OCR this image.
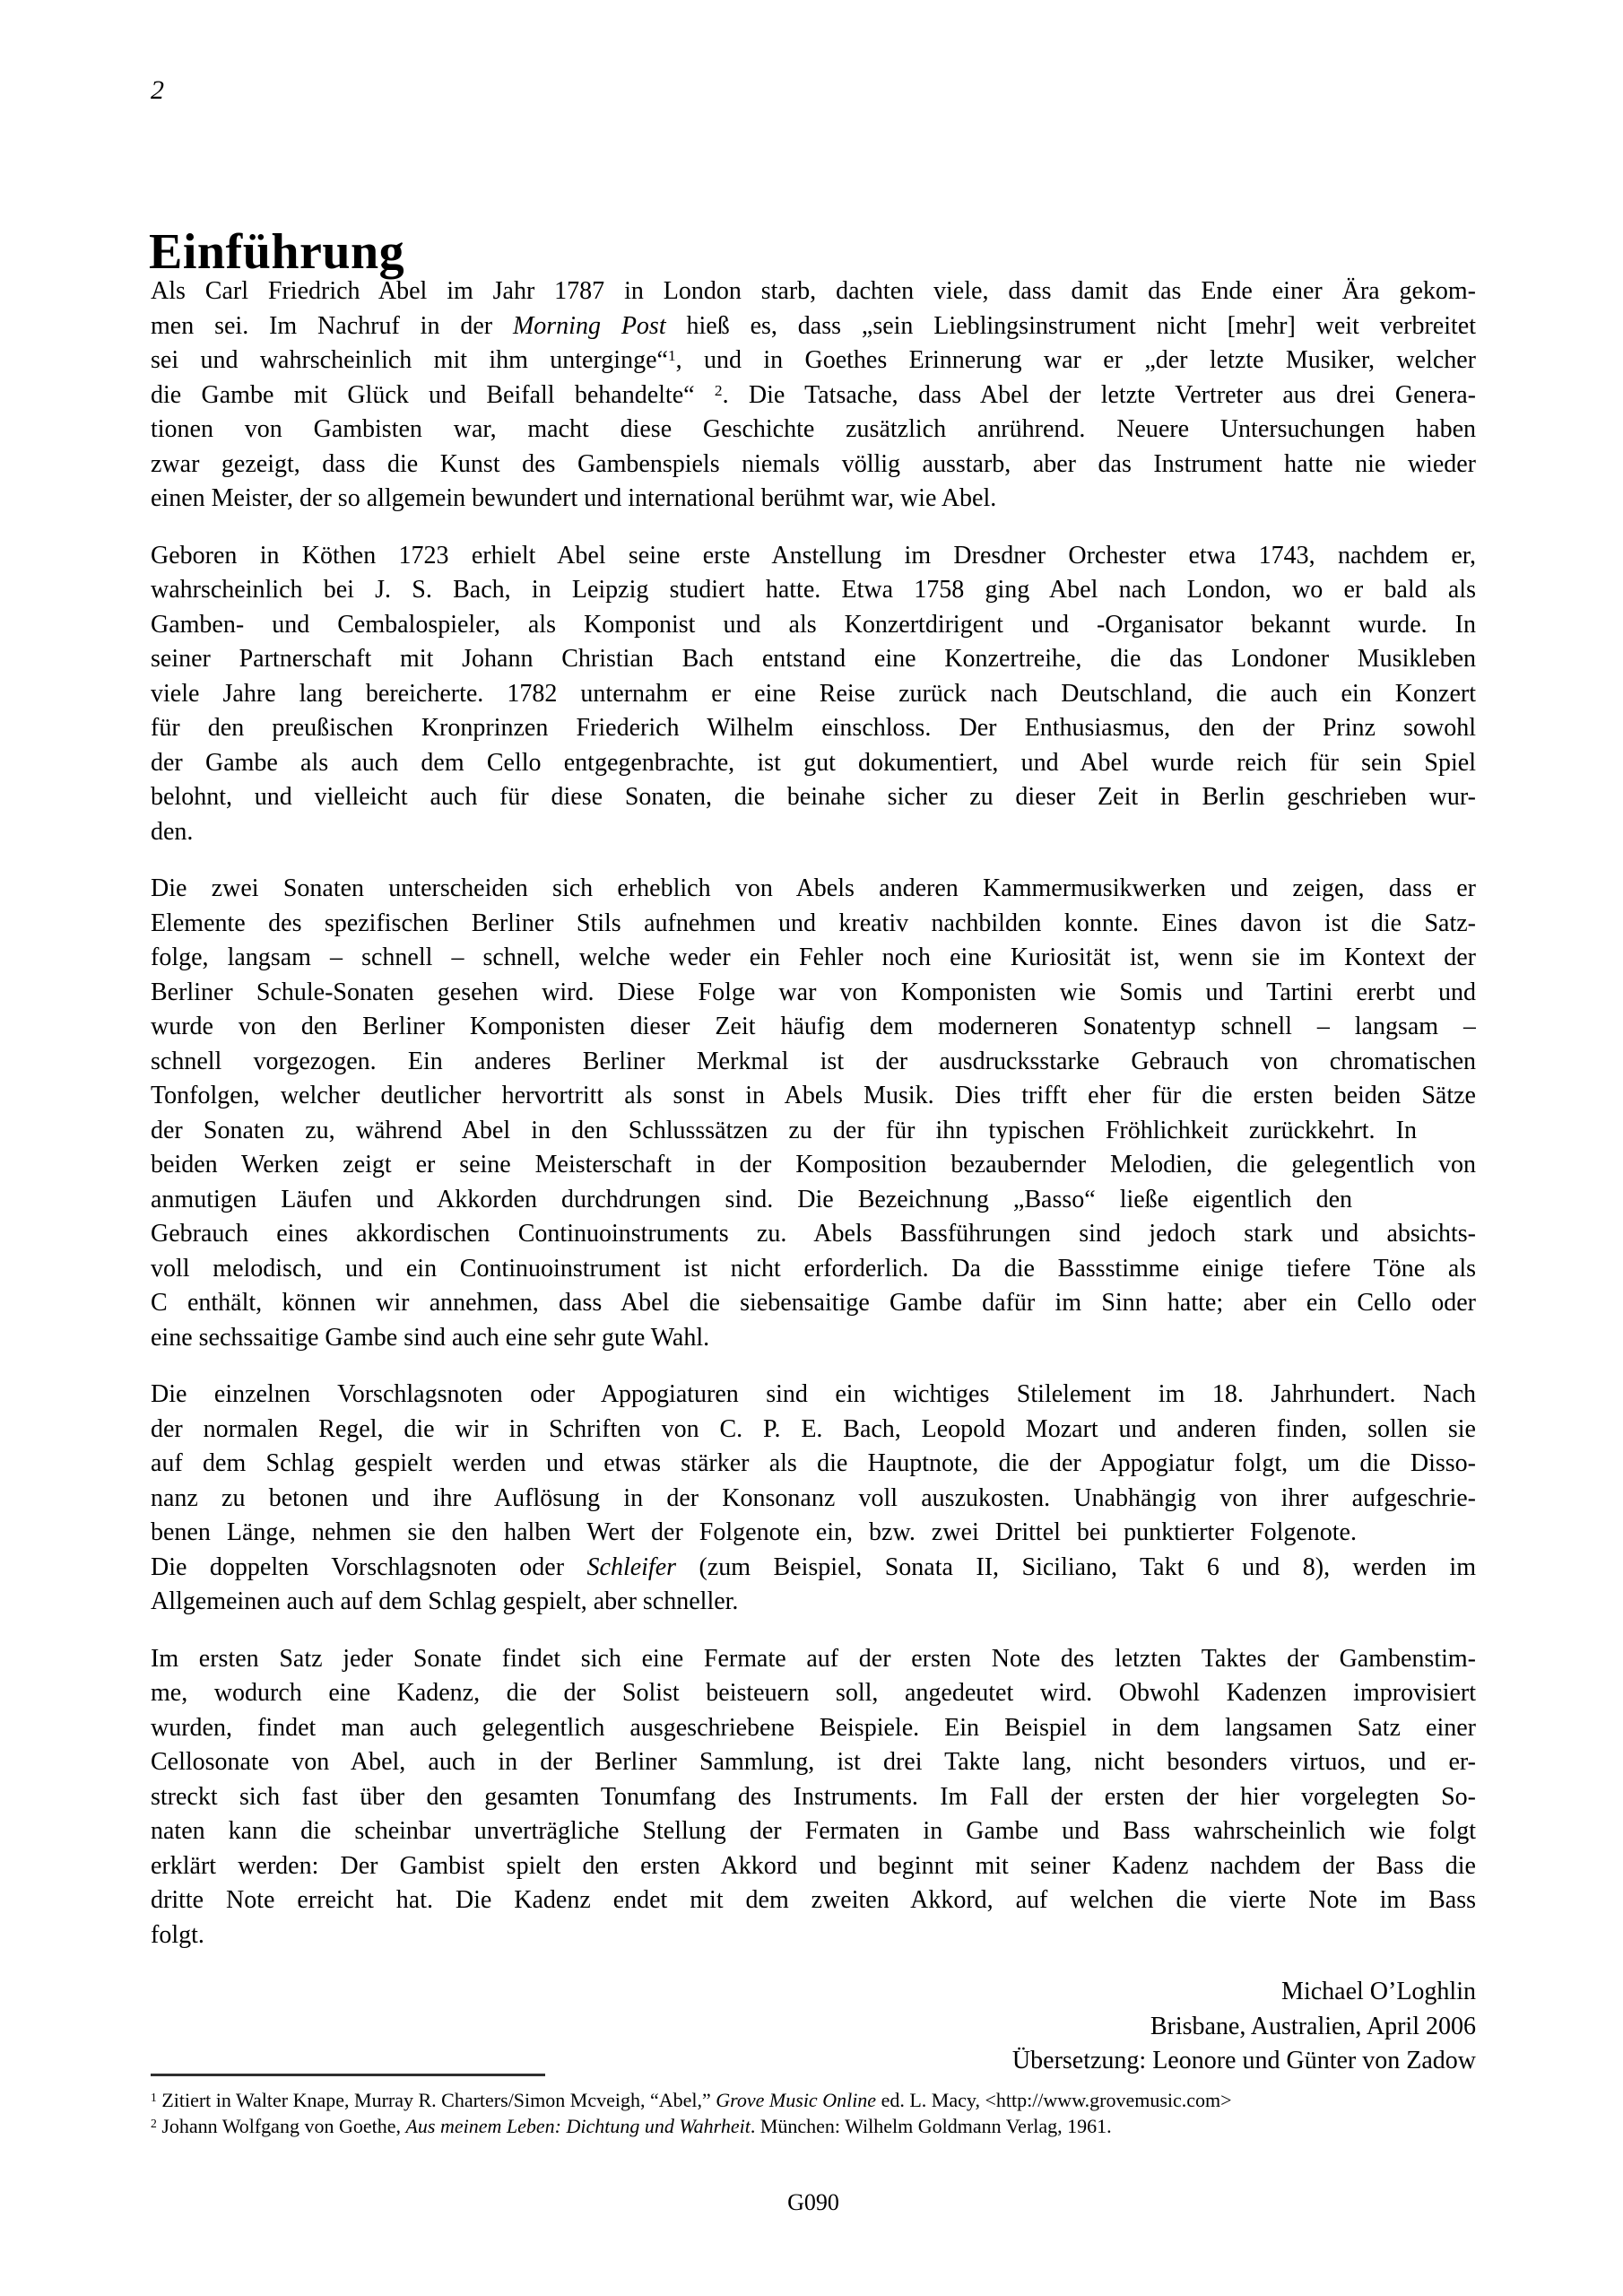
2
Einführung
Als Carl Friedrich Abel im Jahr 1787 in London starb, dachten viele, dass damit das Ende einer Ära gekom-
men sei. Im Nachruf in der Morning Post hieß es, dass „sein Lieblingsinstrument nicht [mehr] weit verbreitet
sei und wahrscheinlich mit ihm unterginge“$^1$, und in Goethes Erinnerung war er „der letzte Musiker, welcher
die Gambe mit Glück und Beifall behandelte“ $^2$. Die Tatsache, dass Abel der letzte Vertreter aus drei Genera-
tionen von Gambisten war, macht diese Geschichte zusätzlich anrührend. Neuere Untersuchungen haben
zwar gezeigt, dass die Kunst des Gambenspiels niemals völlig ausstarb, aber das Instrument hatte nie wieder
einen Meister, der so allgemein bewundert und international berühmt war, wie Abel.
Geboren in Köthen 1723 erhielt Abel seine erste Anstellung im Dresdner Orchester etwa 1743, nachdem er,
wahrscheinlich bei J. S. Bach, in Leipzig studiert hatte. Etwa 1758 ging Abel nach London, wo er bald als
Gamben- und Cembalospieler, als Komponist und als Konzertdirigent und -Organisator bekannt wurde. In
seiner Partnerschaft mit Johann Christian Bach entstand eine Konzertreihe, die das Londoner Musikleben
viele Jahre lang bereicherte. 1782 unternahm er eine Reise zurück nach Deutschland, die auch ein Konzert
für den preußischen Kronprinzen Friederich Wilhelm einschloss. Der Enthusiasmus, den der Prinz sowohl
der Gambe als auch dem Cello entgegenbrachte, ist gut dokumentiert, und Abel wurde reich für sein Spiel
belohnt, und vielleicht auch für diese Sonaten, die beinahe sicher zu dieser Zeit in Berlin geschrieben wur-
den.
Die zwei Sonaten unterscheiden sich erheblich von Abels anderen Kammermusikwerken und zeigen, dass er
Elemente des spezifischen Berliner Stils aufnehmen und kreativ nachbilden konnte. Eines davon ist die Satz-
folge, langsam – schnell – schnell, welche weder ein Fehler noch eine Kuriosität ist, wenn sie im Kontext der
Berliner Schule-Sonaten gesehen wird. Diese Folge war von Komponisten wie Somis und Tartini ererbt und
wurde von den Berliner Komponisten dieser Zeit häufig dem moderneren Sonatentyp schnell – langsam –
schnell vorgezogen. Ein anderes Berliner Merkmal ist der ausdrucksstarke Gebrauch von chromatischen
Tonfolgen, welcher deutlicher hervortritt als sonst in Abels Musik. Dies trifft eher für die ersten beiden Sätze
der Sonaten zu, während Abel in den Schlusssätzen zu der für ihn typischen Fröhlichkeit zurückkehrt. In
beiden Werken zeigt er seine Meisterschaft in der Komposition bezaubernder Melodien, die gelegentlich von
anmutigen Läufen und Akkorden durchdrungen sind. Die Bezeichnung „Basso“ ließe eigentlich den
Gebrauch eines akkordischen Continuoinstruments zu. Abels Bassführungen sind jedoch stark und absichts-
voll melodisch, und ein Continuoinstrument ist nicht erforderlich. Da die Bassstimme einige tiefere Töne als
C enthält, können wir annehmen, dass Abel die siebensaitige Gambe dafür im Sinn hatte; aber ein Cello oder
eine sechssaitige Gambe sind auch eine sehr gute Wahl.
Die einzelnen Vorschlagsnoten oder Appogiaturen sind ein wichtiges Stilelement im 18. Jahrhundert. Nach
der normalen Regel, die wir in Schriften von C. P. E. Bach, Leopold Mozart und anderen finden, sollen sie
auf dem Schlag gespielt werden und etwas stärker als die Hauptnote, die der Appogiatur folgt, um die Disso-
nanz zu betonen und ihre Auflösung in der Konsonanz voll auszukosten. Unabhängig von ihrer aufgeschrie-
benen Länge, nehmen sie den halben Wert der Folgenote ein, bzw. zwei Drittel bei punktierter Folgenote.
Die doppelten Vorschlagsnoten oder Schleifer (zum Beispiel, Sonata II, Siciliano, Takt 6 und 8), werden im
Allgemeinen auch auf dem Schlag gespielt, aber schneller.
Im ersten Satz jeder Sonate findet sich eine Fermate auf der ersten Note des letzten Taktes der Gambenstim-
me, wodurch eine Kadenz, die der Solist beisteuern soll, angedeutet wird. Obwohl Kadenzen improvisiert
wurden, findet man auch gelegentlich ausgeschriebene Beispiele. Ein Beispiel in dem langsamen Satz einer
Cellosonate von Abel, auch in der Berliner Sammlung, ist drei Takte lang, nicht besonders virtuos, und er-
streckt sich fast über den gesamten Tonumfang des Instruments. Im Fall der ersten der hier vorgelegten So-
naten kann die scheinbar unverträgliche Stellung der Fermaten in Gambe und Bass wahrscheinlich wie folgt
erklärt werden: Der Gambist spielt den ersten Akkord und beginnt mit seiner Kadenz nachdem der Bass die
dritte Note erreicht hat. Die Kadenz endet mit dem zweiten Akkord, auf welchen die vierte Note im Bass
folgt.
Michael O’Loghlin
Brisbane, Australien, April 2006
Übersetzung: Leonore und Günter von Zadow
$^1$ Zitiert in Walter Knape, Murray R. Charters/Simon Mcveigh, “Abel,” Grove Music Online ed. L. Macy, <http://www.grovemusic.com>
$^2$ Johann Wolfgang von Goethe, Aus meinem Leben: Dichtung und Wahrheit. München: Wilhelm Goldmann Verlag, 1961.
G090
